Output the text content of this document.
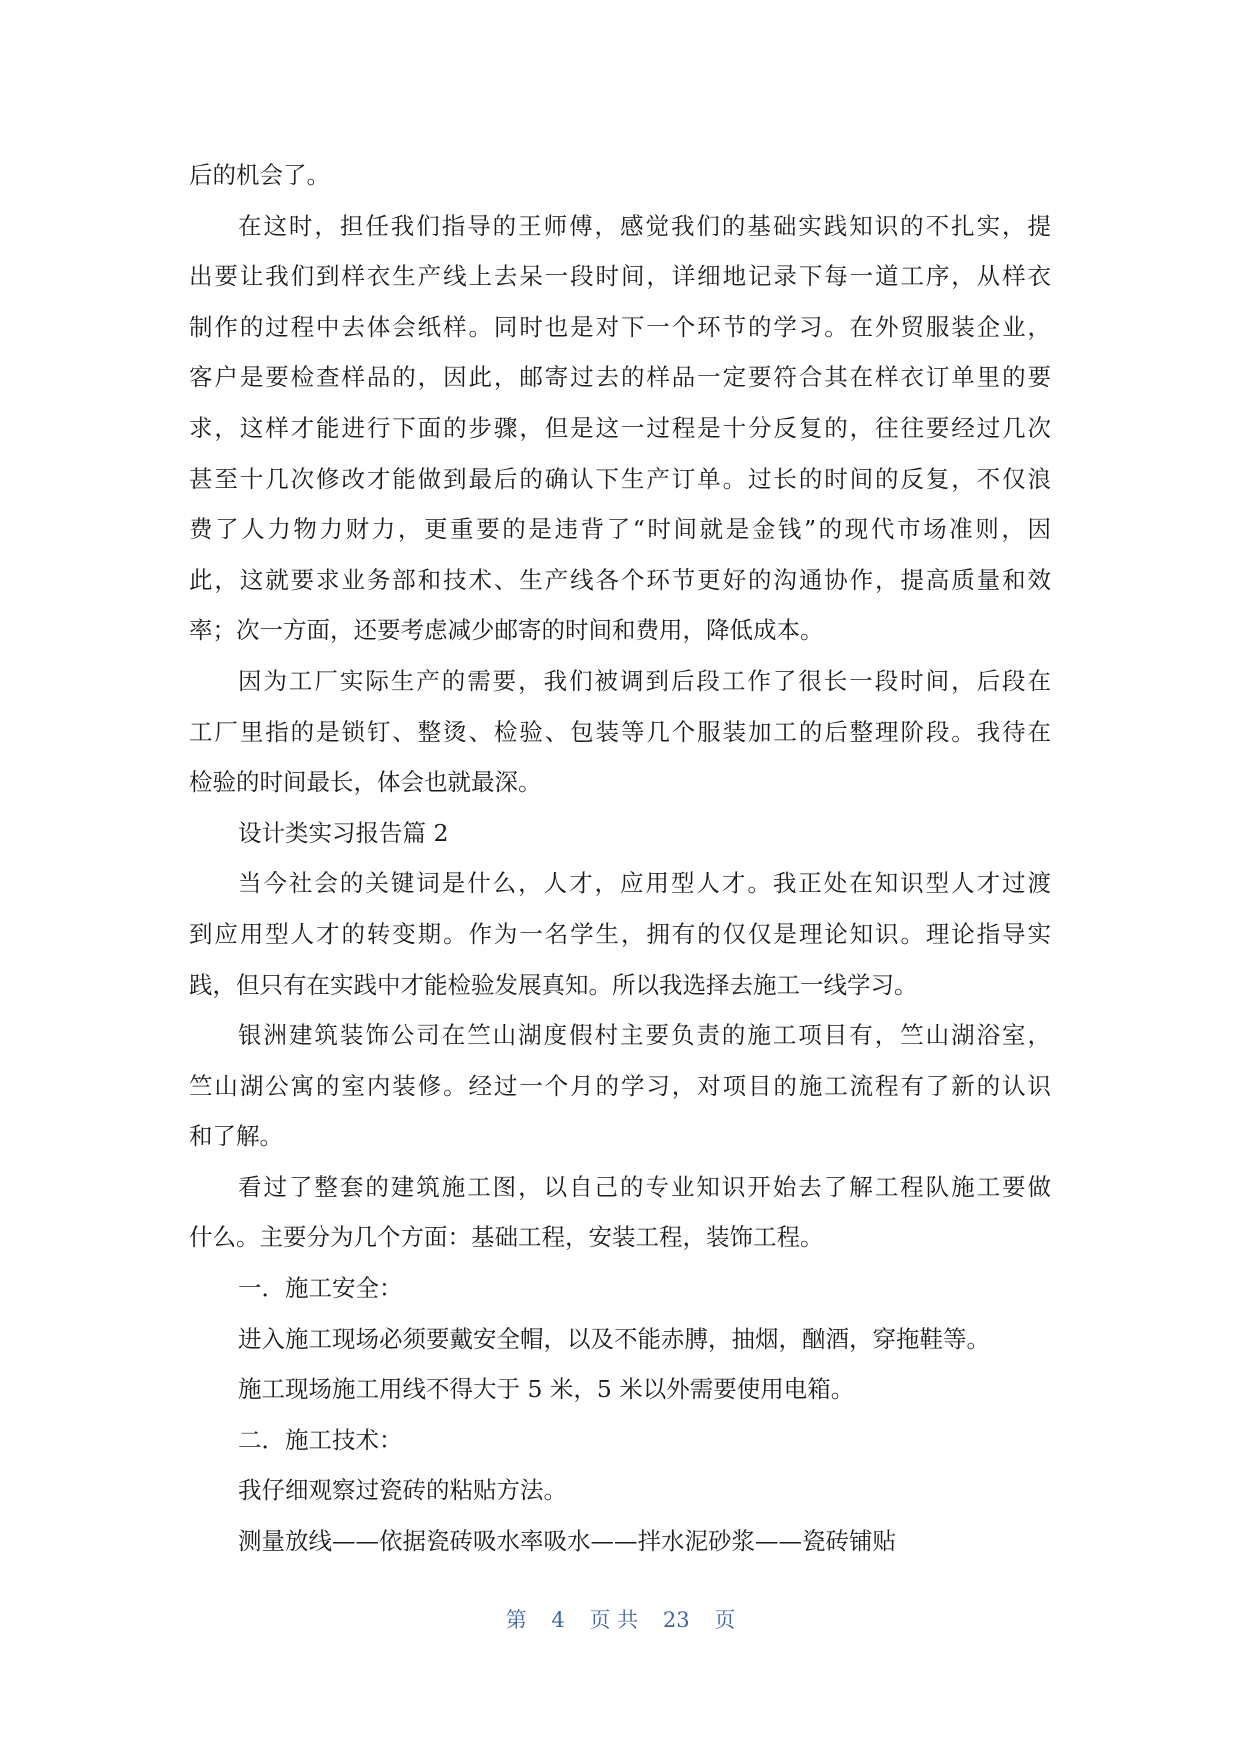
后的机会了。
在这时，担任我们指导的王师傅，感觉我们的基础实践知识的不扎实，提
出要让我们到样衣生产线上去呆一段时间，详细地记录下每一道工序，从样衣
制作的过程中去体会纸样。同时也是对下一个环节的学习。在外贸服装企业，
客户是要检查样品的，因此，邮寄过去的样品一定要符合其在样衣订单里的要
求，这样才能进行下面的步骤，但是这一过程是十分反复的，往往要经过几次
甚至十几次修改才能做到最后的确认下生产订单。过长的时间的反复，不仅浪
费了人力物力财力，更重要的是违背了“时间就是金钱”的现代市场准则，因
此，这就要求业务部和技术、生产线各个环节更好的沟通协作，提高质量和效
率；次一方面，还要考虑减少邮寄的时间和费用，降低成本。
因为工厂实际生产的需要，我们被调到后段工作了很长一段时间，后段在
工厂里指的是锁钉、整烫、检验、包装等几个服装加工的后整理阶段。我待在
检验的时间最长，体会也就最深。
设计类实习报告篇 2
当今社会的关键词是什么，人才，应用型人才。我正处在知识型人才过渡
到应用型人才的转变期。作为一名学生，拥有的仅仅是理论知识。理论指导实
践，但只有在实践中才能检验发展真知。所以我选择去施工一线学习。
银洲建筑装饰公司在竺山湖度假村主要负责的施工项目有，竺山湖浴室，
竺山湖公寓的室内装修。经过一个月的学习，对项目的施工流程有了新的认识
和了解。
看过了整套的建筑施工图，以自己的专业知识开始去了解工程队施工要做
什么。主要分为几个方面：基础工程，安装工程，装饰工程。
一．施工安全：
进入施工现场必须要戴安全帽，以及不能赤膊，抽烟，酗酒，穿拖鞋等。
施工现场施工用线不得大于 5 米，5 米以外需要使用电箱。
二．施工技术：
我仔细观察过瓷砖的粘贴方法。
测量放线——依据瓷砖吸水率吸水——拌水泥砂浆——瓷砖铺贴
第 4 页 共 23 页
